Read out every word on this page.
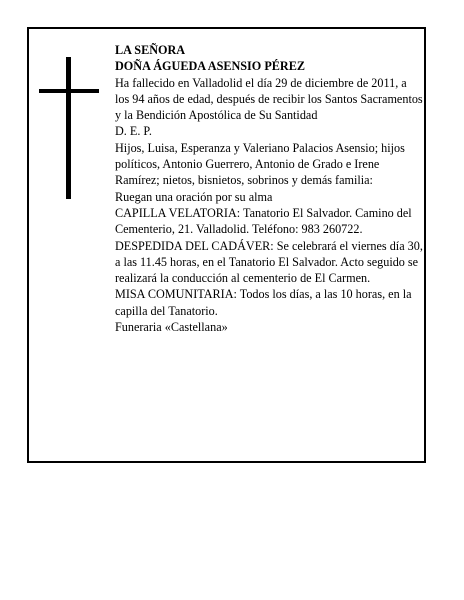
LA SEÑORA

DOÑA ÁGUEDA ASENSIO PÉREZ

Ha fallecido en Valladolid el día 29 de diciembre de 2011, a los 94 años de edad, después de recibir los Santos Sacramentos y la Bendición Apostólica de Su Santidad

D. E. P.

Hijos, Luisa, Esperanza y Valeriano Palacios Asensio; hijos políticos, Antonio Guerrero, Antonio de Grado e Irene Ramírez; nietos, bisnietos, sobrinos y demás familia:

Ruegan una oración por su alma

CAPILLA VELATORIA: Tanatorio El Salvador. Camino del Cementerio, 21. Valladolid. Teléfono: 983 260722.

DESPEDIDA DEL CADÁVER: Se celebrará el viernes día 30, a las 11.45 horas, en el Tanatorio El Salvador. Acto seguido se realizará la conducción al cementerio de El Carmen.

MISA COMUNITARIA: Todos los días, a las 10 horas, en la capilla del Tanatorio.

Funeraria «Castellana»
